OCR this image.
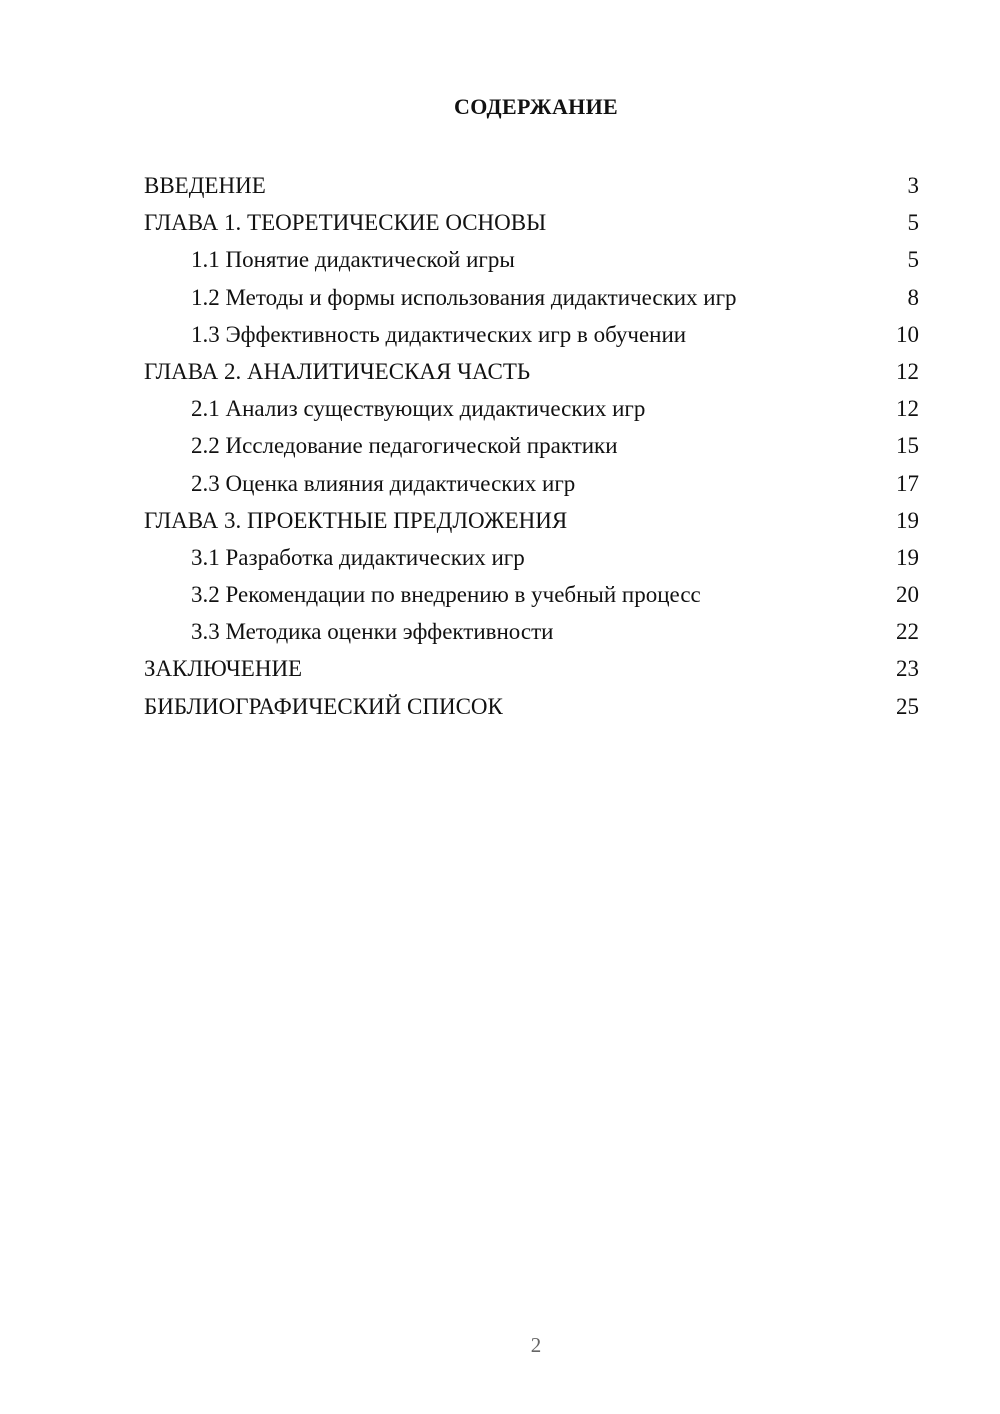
СОДЕРЖАНИЕ
ВВЕДЕНИЕ	3
ГЛАВА 1. ТЕОРЕТИЧЕСКИЕ ОСНОВЫ	5
1.1 Понятие дидактической игры	5
1.2 Методы и формы использования дидактических игр	8
1.3 Эффективность дидактических игр в обучении	10
ГЛАВА 2. АНАЛИТИЧЕСКАЯ ЧАСТЬ	12
2.1 Анализ существующих дидактических игр	12
2.2 Исследование педагогической практики	15
2.3 Оценка влияния дидактических игр	17
ГЛАВА 3. ПРОЕКТНЫЕ ПРЕДЛОЖЕНИЯ	19
3.1 Разработка дидактических игр	19
3.2 Рекомендации по внедрению в учебный процесс	20
3.3 Методика оценки эффективности	22
ЗАКЛЮЧЕНИЕ	23
БИБЛИОГРАФИЧЕСКИЙ СПИСОК	25
2
